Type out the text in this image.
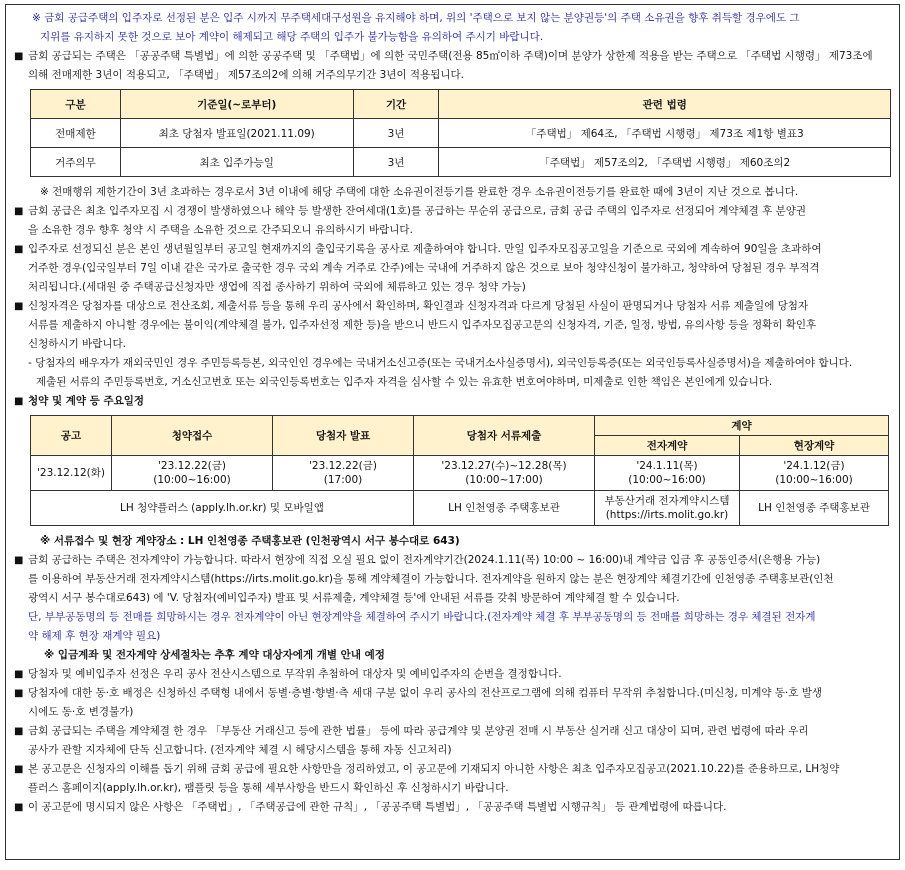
※ 금회 공급주택의 입주자로 선정된 분은 입주 시까지 무주택세대구성원을 유지해야 하며, 위의 '주택으로 보지 않는 분양권등'의 주택 소유권을 향후 취득할 경우에도 그

지위를 유지하지 못한 것으로 보아 계약이 해제되고 해당 주택의 입주가 불가능함을 유의하여 주시기 바랍니다.

■ 금회 공급되는 주택은 「공공주택 특별법」에 의한 공공주택 및 「주택법」에 의한 국민주택(전용 85㎡이하 주택)이며 분양가 상한제 적용을 받는 주택으로 「주택법 시행령」 제73조에

의해 전매제한 3년이 적용되고, 「주택법」 제57조의2에 의해 거주의무기간 3년이 적용됩니다.

구분	기준일(~로부터)	기간	관련 법령
전매제한	최초 당첨자 발표일(2021.11.09)	3년	「주택법」 제64조, 「주택법 시행령」 제73조 제1항 별표3
거주의무	최초 입주가능일	3년	「주택법」 제57조의2, 「주택법 시행령」 제60조의2

※ 전매행위 제한기간이 3년 초과하는 경우로서 3년 이내에 해당 주택에 대한 소유권이전등기를 완료한 경우 소유권이전등기를 완료한 때에 3년이 지난 것으로 봅니다.

■ 금회 공급은 최초 입주자모집 시 경쟁이 발생하였으나 해약 등 발생한 잔여세대(1호)를 공급하는 무순위 공급으로, 금회 공급 주택의 입주자로 선정되어 계약체결 후 분양권

을 소유한 경우 향후 청약 시 주택을 소유한 것으로 간주되오니 유의하시기 바랍니다.

■ 입주자로 선정되신 분은 본인 생년월일부터 공고일 현재까지의 출입국기록을 공사로 제출하여야 합니다. 만일 입주자모집공고일을 기준으로 국외에 계속하여 90일을 초과하여

거주한 경우(입국일부터 7일 이내 같은 국가로 출국한 경우 국외 계속 거주로 간주)에는 국내에 거주하지 않은 것으로 보아 청약신청이 불가하고, 청약하여 당첨된 경우 부적격

처리됩니다.(세대원 중 주택공급신청자만 생업에 직접 종사하기 위하여 국외에 체류하고 있는 경우 청약 가능)

■ 신청자격은 당첨자를 대상으로 전산조회, 제출서류 등을 통해 우리 공사에서 확인하며, 확인결과 신청자격과 다르게 당첨된 사실이 판명되거나 당첨자 서류 제출일에 당첨자

서류를 제출하지 아니할 경우에는 불이익(계약체결 불가, 입주자선정 제한 등)을 받으니 반드시 입주자모집공고문의 신청자격, 기준, 일정, 방법, 유의사항 등을 정확히 확인후

신청하시기 바랍니다.

- 당첨자의 배우자가 재외국민인 경우 주민등록등본, 외국인인 경우에는 국내거소신고증(또는 국내거소사실증명서), 외국인등록증(또는 외국인등록사실증명서)을 제출하여야 합니다.

제출된 서류의 주민등록번호, 거소신고번호 또는 외국인등록번호는 입주자 자격을 심사할 수 있는 유효한 번호여야하며, 미제출로 인한 책임은 본인에게 있습니다.

■ 청약 및 계약 등 주요일정

공고	청약접수	당첨자 발표	당첨자 서류제출	계약	
				전자계약	현장계약
'23.12.12(화)	'23.12.22(금)
(10:00~16:00)	'23.12.22(금)
(17:00)	'23.12.27(수)~12.28(목)
(10:00~17:00)	'24.1.11(목)
(10:00~16:00)	'24.1.12(금)
(10:00~16:00)
LH 청약플러스 (apply.lh.or.kr) 및 모바일앱			LH 인천영종 주택홍보관	부동산거래 전자계약시스템
(https://irts.molit.go.kr)	LH 인천영종 주택홍보관

※ 서류접수 및 현장 계약장소 : LH 인천영종 주택홍보관 (인천광역시 서구 봉수대로 643)

■ 금회 공급하는 주택은 전자계약이 가능합니다. 따라서 현장에 직접 오실 필요 없이 전자계약기간(2024.1.11(목) 10:00 ~ 16:00)내 계약금 입금 후 공동인증서(은행용 가능)

를 이용하여 부동산거래 전자계약시스템(https://irts.molit.go.kr)을 통해 계약체결이 가능합니다. 전자계약을 원하지 않는 분은 현장계약 체결기간에 인천영종 주택홍보관(인천

광역시 서구 봉수대로643) 에 'V. 당첨자(예비입주자) 발표 및 서류제출, 계약체결 등'에 안내된 서류를 갖춰 방문하여 계약체결 할 수 있습니다.

단, 부부공동명의 등 전매를 희망하시는 경우 전자계약이 아닌 현장계약을 체결하여 주시기 바랍니다.(전자계약 체결 후 부부공동명의 등 전매를 희망하는 경우 체결된 전자계

약 해제 후 현장 재계약 필요)

※ 입금계좌 및 전자계약 상세절차는 추후 계약 대상자에게 개별 안내 예정

■ 당첨자 및 예비입주자 선정은 우리 공사 전산시스템으로 무작위 추첨하여 대상자 및 예비입주자의 순번을 결정합니다.

■ 당첨자에 대한 동·호 배정은 신청하신 주택형 내에서 동별·층별·향별·측 세대 구분 없이 우리 공사의 전산프로그램에 의해 컴퓨터 무작위 추첨합니다.(미신청, 미계약 동·호 발생

시에도 동·호 변경불가)

■ 금회 공급되는 주택을 계약체결 한 경우 「부동산 거래신고 등에 관한 법률」 등에 따라 공급계약 및 분양권 전매 시 부동산 실거래 신고 대상이 되며, 관련 법령에 따라 우리

공사가 관할 지자체에 단독 신고합니다. (전자계약 체결 시 해당시스템을 통해 자동 신고처리)

■ 본 공고문은 신청자의 이해를 돕기 위해 금회 공급에 필요한 사항만을 정리하였고, 이 공고문에 기재되지 아니한 사항은 최초 입주자모집공고(2021.10.22)를 준용하므로, LH청약

플러스 홈페이지(apply.lh.or.kr), 팸플릿 등을 통해 세부사항을 반드시 확인하신 후 신청하시기 바랍니다.

■ 이 공고문에 명시되지 않은 사항은 「주택법」, 「주택공급에 관한 규칙」, 「공공주택 특별법」, 「공공주택 특별법 시행규칙」 등 관계법령에 따릅니다.
